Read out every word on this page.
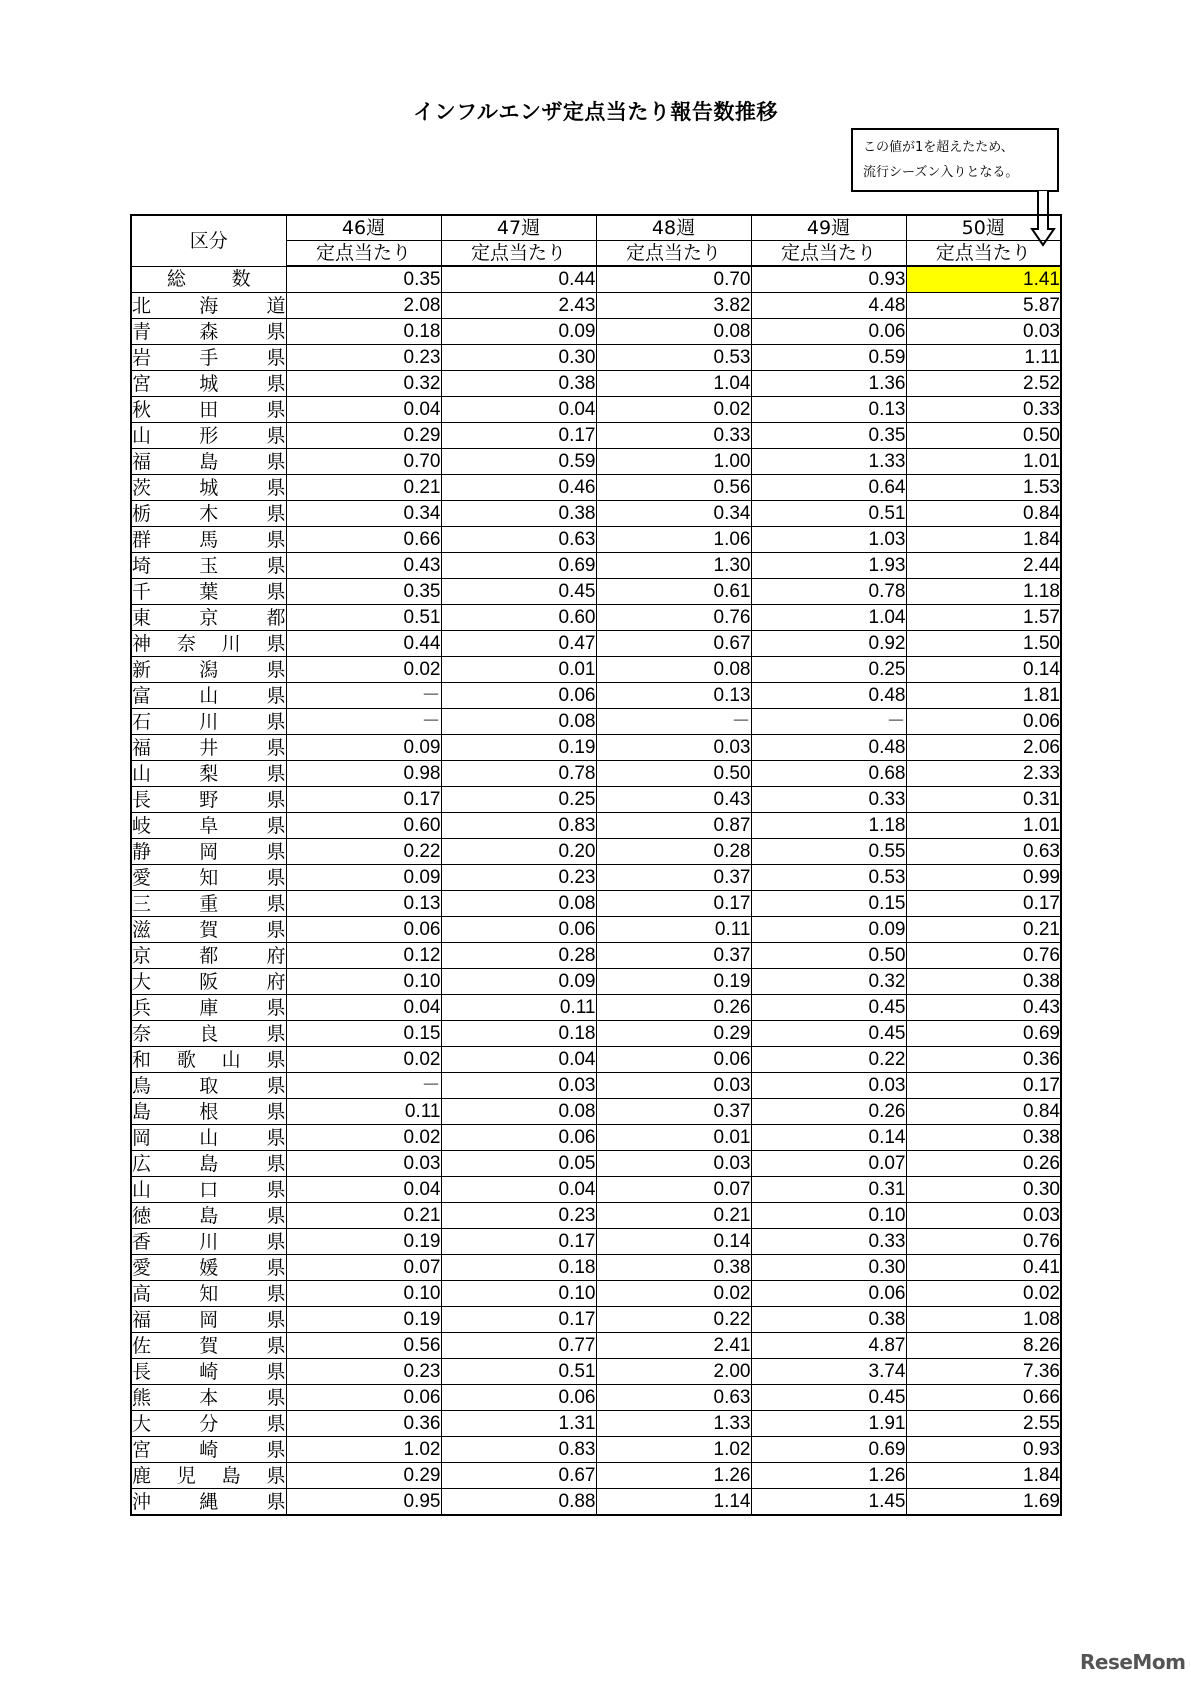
インフルエンザ定点当たり報告数推移
この値が1を超えたため、
流行シーズン入りとなる。
区分	46週	47週	48週	49週	50週
	定点当たり	定点当たり	定点当たり	定点当たり	定点当たり

総 数	0.35	0.44	0.70	0.93	1.41

北 海 道	2.08	2.43	3.82	4.48	5.87

青 森 県	0.18	0.09	0.08	0.06	0.03

岩 手 県	0.23	0.30	0.53	0.59	1.11

宮 城 県	0.32	0.38	1.04	1.36	2.52

秋 田 県	0.04	0.04	0.02	0.13	0.33

山 形 県	0.29	0.17	0.33	0.35	0.50

福 島 県	0.70	0.59	1.00	1.33	1.01

茨 城 県	0.21	0.46	0.56	0.64	1.53

栃 木 県	0.34	0.38	0.34	0.51	0.84

群 馬 県	0.66	0.63	1.06	1.03	1.84

埼 玉 県	0.43	0.69	1.30	1.93	2.44

千 葉 県	0.35	0.45	0.61	0.78	1.18

東 京 都	0.51	0.60	0.76	1.04	1.57

神 奈 川 県	0.44	0.47	0.67	0.92	1.50

新 潟 県	0.02	0.01	0.08	0.25	0.14

富 山 県	－	0.06	0.13	0.48	1.81

石 川 県	－	0.08	－	－	0.06

福 井 県	0.09	0.19	0.03	0.48	2.06

山 梨 県	0.98	0.78	0.50	0.68	2.33

長 野 県	0.17	0.25	0.43	0.33	0.31

岐 阜 県	0.60	0.83	0.87	1.18	1.01

静 岡 県	0.22	0.20	0.28	0.55	0.63

愛 知 県	0.09	0.23	0.37	0.53	0.99

三 重 県	0.13	0.08	0.17	0.15	0.17

滋 賀 県	0.06	0.06	0.11	0.09	0.21

京 都 府	0.12	0.28	0.37	0.50	0.76

大 阪 府	0.10	0.09	0.19	0.32	0.38

兵 庫 県	0.04	0.11	0.26	0.45	0.43

奈 良 県	0.15	0.18	0.29	0.45	0.69

和 歌 山 県	0.02	0.04	0.06	0.22	0.36

鳥 取 県	－	0.03	0.03	0.03	0.17

島 根 県	0.11	0.08	0.37	0.26	0.84

岡 山 県	0.02	0.06	0.01	0.14	0.38

広 島 県	0.03	0.05	0.03	0.07	0.26

山 口 県	0.04	0.04	0.07	0.31	0.30

徳 島 県	0.21	0.23	0.21	0.10	0.03

香 川 県	0.19	0.17	0.14	0.33	0.76

愛 媛 県	0.07	0.18	0.38	0.30	0.41

高 知 県	0.10	0.10	0.02	0.06	0.02

福 岡 県	0.19	0.17	0.22	0.38	1.08

佐 賀 県	0.56	0.77	2.41	4.87	8.26

長 崎 県	0.23	0.51	2.00	3.74	7.36

熊 本 県	0.06	0.06	0.63	0.45	0.66

大 分 県	0.36	1.31	1.33	1.91	2.55

宮 崎 県	1.02	0.83	1.02	0.69	0.93

鹿 児 島 県	0.29	0.67	1.26	1.26	1.84

沖 縄 県	0.95	0.88	1.14	1.45	1.69
ReseMom
